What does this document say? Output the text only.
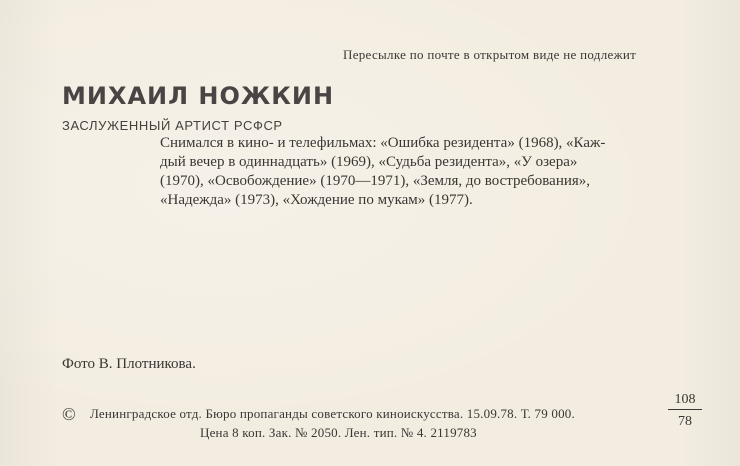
Пересылке по почте в открытом виде не подлежит
МИХАИЛ НОЖКИН
ЗАСЛУЖЕННЫЙ АРТИСТ РСФСР
Снимался в кино- и телефильмах: «Ошибка резидента» (1968), «Каж-
дый вечер в одиннадцать» (1969), «Судьба резидента», «У озера»
(1970), «Освобождение» (1970—1971), «Земля, до востребования»,
«Надежда» (1973), «Хождение по мукам» (1977).
Фото В. Плотникова.
© Ленинградское отд. Бюро пропаганды советского киноискусства. 15.09.78. Т. 79 000.
Цена 8 коп. Зак. № 2050. Лен. тип. № 4. 2119783
108
78
